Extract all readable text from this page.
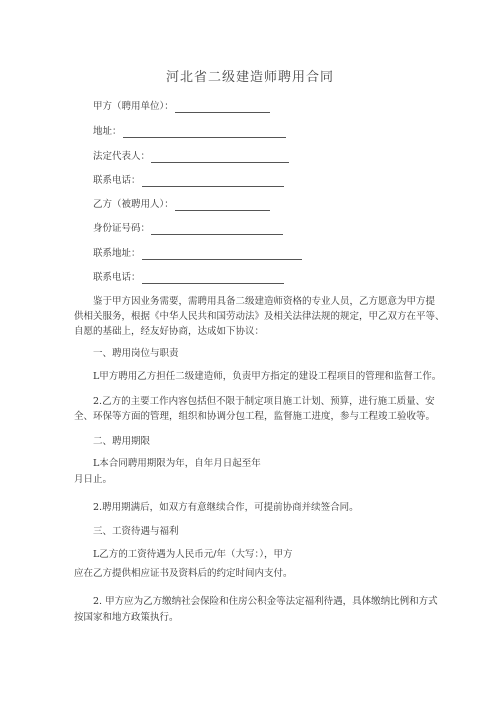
河北省二级建造师聘用合同
甲方（聘用单位）：
地址：
法定代表人：
联系电话：
乙方（被聘用人）：
身份证号码：
联系地址：
联系电话：
鉴于甲方因业务需要，需聘用具备二级建造师资格的专业人员，乙方愿意为甲方提
供相关服务，根据《中华人民共和国劳动法》及相关法律法规的规定，甲乙双方在平等、
自愿的基础上，经友好协商，达成如下协议：
一、聘用岗位与职责
L甲方聘用乙方担任二级建造师，负责甲方指定的建设工程项目的管理和监督工作。
2.乙方的主要工作内容包括但不限于制定项目施工计划、预算，进行施工质量、安
全、环保等方面的管理，组织和协调分包工程，监督施工进度，参与工程竣工验收等。
二、聘用期限
L本合同聘用期限为年，自年月日起至年
月日止。
2.聘用期满后，如双方有意继续合作，可提前协商并续签合同。
三、工资待遇与福利
L乙方的工资待遇为人民币元/年（大写：），甲方
应在乙方提供相应证书及资料后的约定时间内支付。
2. 甲方应为乙方缴纳社会保险和住房公积金等法定福利待遇，具体缴纳比例和方式
按国家和地方政策执行。
